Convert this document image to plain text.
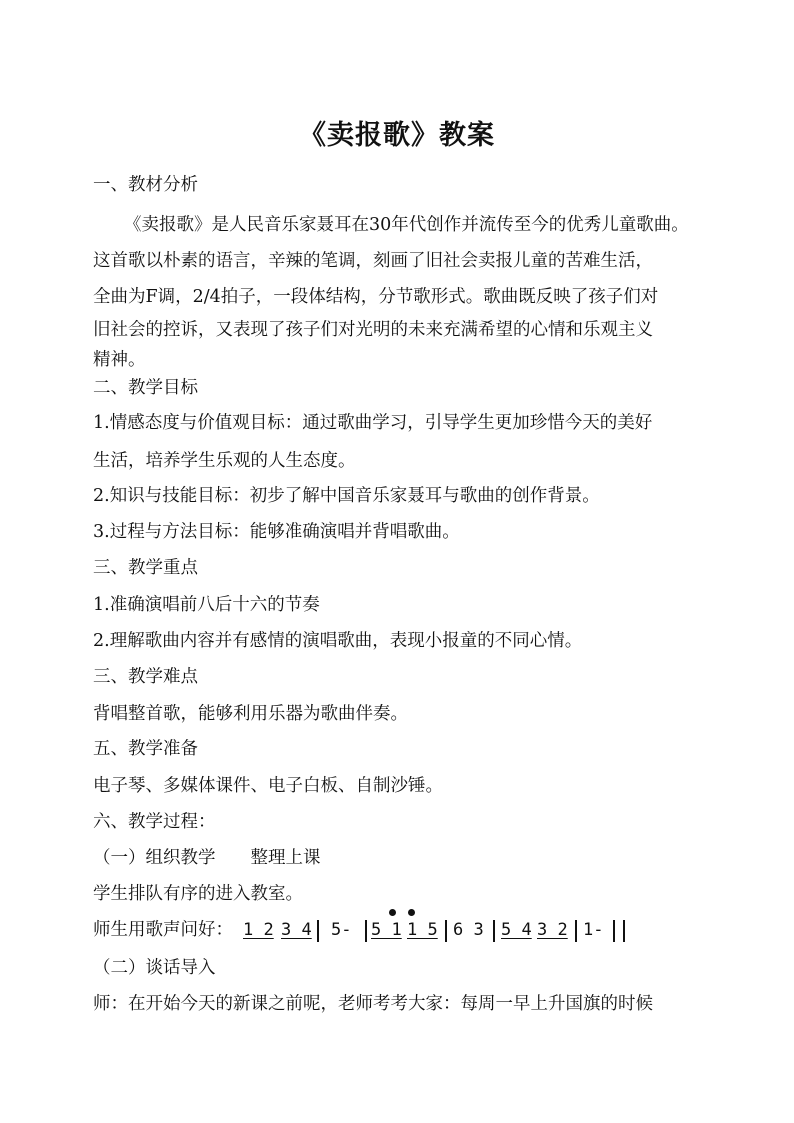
《卖报歌》教案
一、教材分析
《卖报歌》是人民音乐家聂耳在30年代创作并流传至今的优秀儿童歌曲。
这首歌以朴素的语言，辛辣的笔调，刻画了旧社会卖报儿童的苦难生活，
全曲为F调，2/4拍子，一段体结构，分节歌形式。歌曲既反映了孩子们对
旧社会的控诉，又表现了孩子们对光明的未来充满希望的心情和乐观主义
精神。
二、教学目标
1.情感态度与价值观目标：通过歌曲学习，引导学生更加珍惜今天的美好
生活，培养学生乐观的人生态度。
2.知识与技能目标：初步了解中国音乐家聂耳与歌曲的创作背景。
3.过程与方法目标：能够准确演唱并背唱歌曲。
三、教学重点
1.准确演唱前八后十六的节奏
2.理解歌曲内容并有感情的演唱歌曲，表现小报童的不同心情。
三、教学难点
背唱整首歌，能够利用乐器为歌曲伴奏。
五、教学准备
电子琴、多媒体课件、电子白板、自制沙锤。
六、教学过程：
（一）组织教学　　整理上课
学生排队有序的进入教室。
师生用歌声问好： 1 2 3 4 5- 5 1 1 5 6 3 5 4 3 2 1-
（二）谈话导入
师：在开始今天的新课之前呢，老师考考大家：每周一早上升国旗的时候
